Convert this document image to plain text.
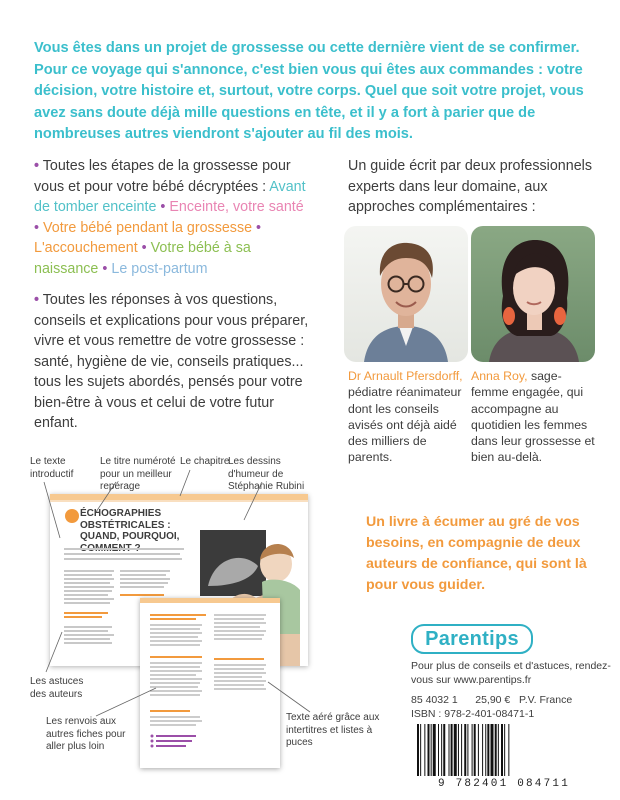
Vous êtes dans un projet de grossesse ou cette dernière vient de se confirmer. Pour ce voyage qui s'annonce, c'est bien vous qui êtes aux commandes : votre décision, votre histoire et, surtout, votre corps. Quel que soit votre projet, vous avez sans doute déjà mille questions en tête, et il y a fort à parier que de nombreuses autres viendront s'ajouter au fil des mois.

• Toutes les étapes de la grossesse pour vous et pour votre bébé décryptées : Avant de tomber enceinte • Enceinte, votre santé • Votre bébé pendant la grossesse • L'accouchement • Votre bébé à sa naissance • Le post-partum

• Toutes les réponses à vos questions, conseils et explications pour vous préparer, vivre et vous remettre de votre grossesse : santé, hygiène de vie, conseils pratiques... tous les sujets abordés, pensés pour votre bien-être à vous et celui de votre futur enfant.

Un guide écrit par deux professionnels experts dans leur domaine, aux approches complémentaires :
Dr Arnault Pfersdorff, pédiatre réanimateur dont les conseils avisés ont déjà aidé des milliers de parents.
Anna Roy, sage-femme engagée, qui accompagne au quotidien les femmes dans leur grossesse et bien au-delà.
Un livre à écumer au gré de vos besoins, en compagnie de deux auteurs de confiance, qui sont là pour vous guider.
ÉCHOGRAPHIES OBSTÉTRICALES : QUAND, POURQUOI,
Le texte introductif
Le titre numéroté pour un meilleur repérage
Le chapitre
Les dessins d'humeur de Stéphanie Rubini
Les astuces des auteurs
Les renvois aux autres fiches pour aller plus loin
Texte aéré grâce aux intertitres et listes à puces
Parentips
Pour plus de conseils et d'astuces, rendez-vous sur www.parentips.fr
85 4032 1 25,90 € P.V. France
ISBN : 978-2-401-08471-1
9 782401 084711
